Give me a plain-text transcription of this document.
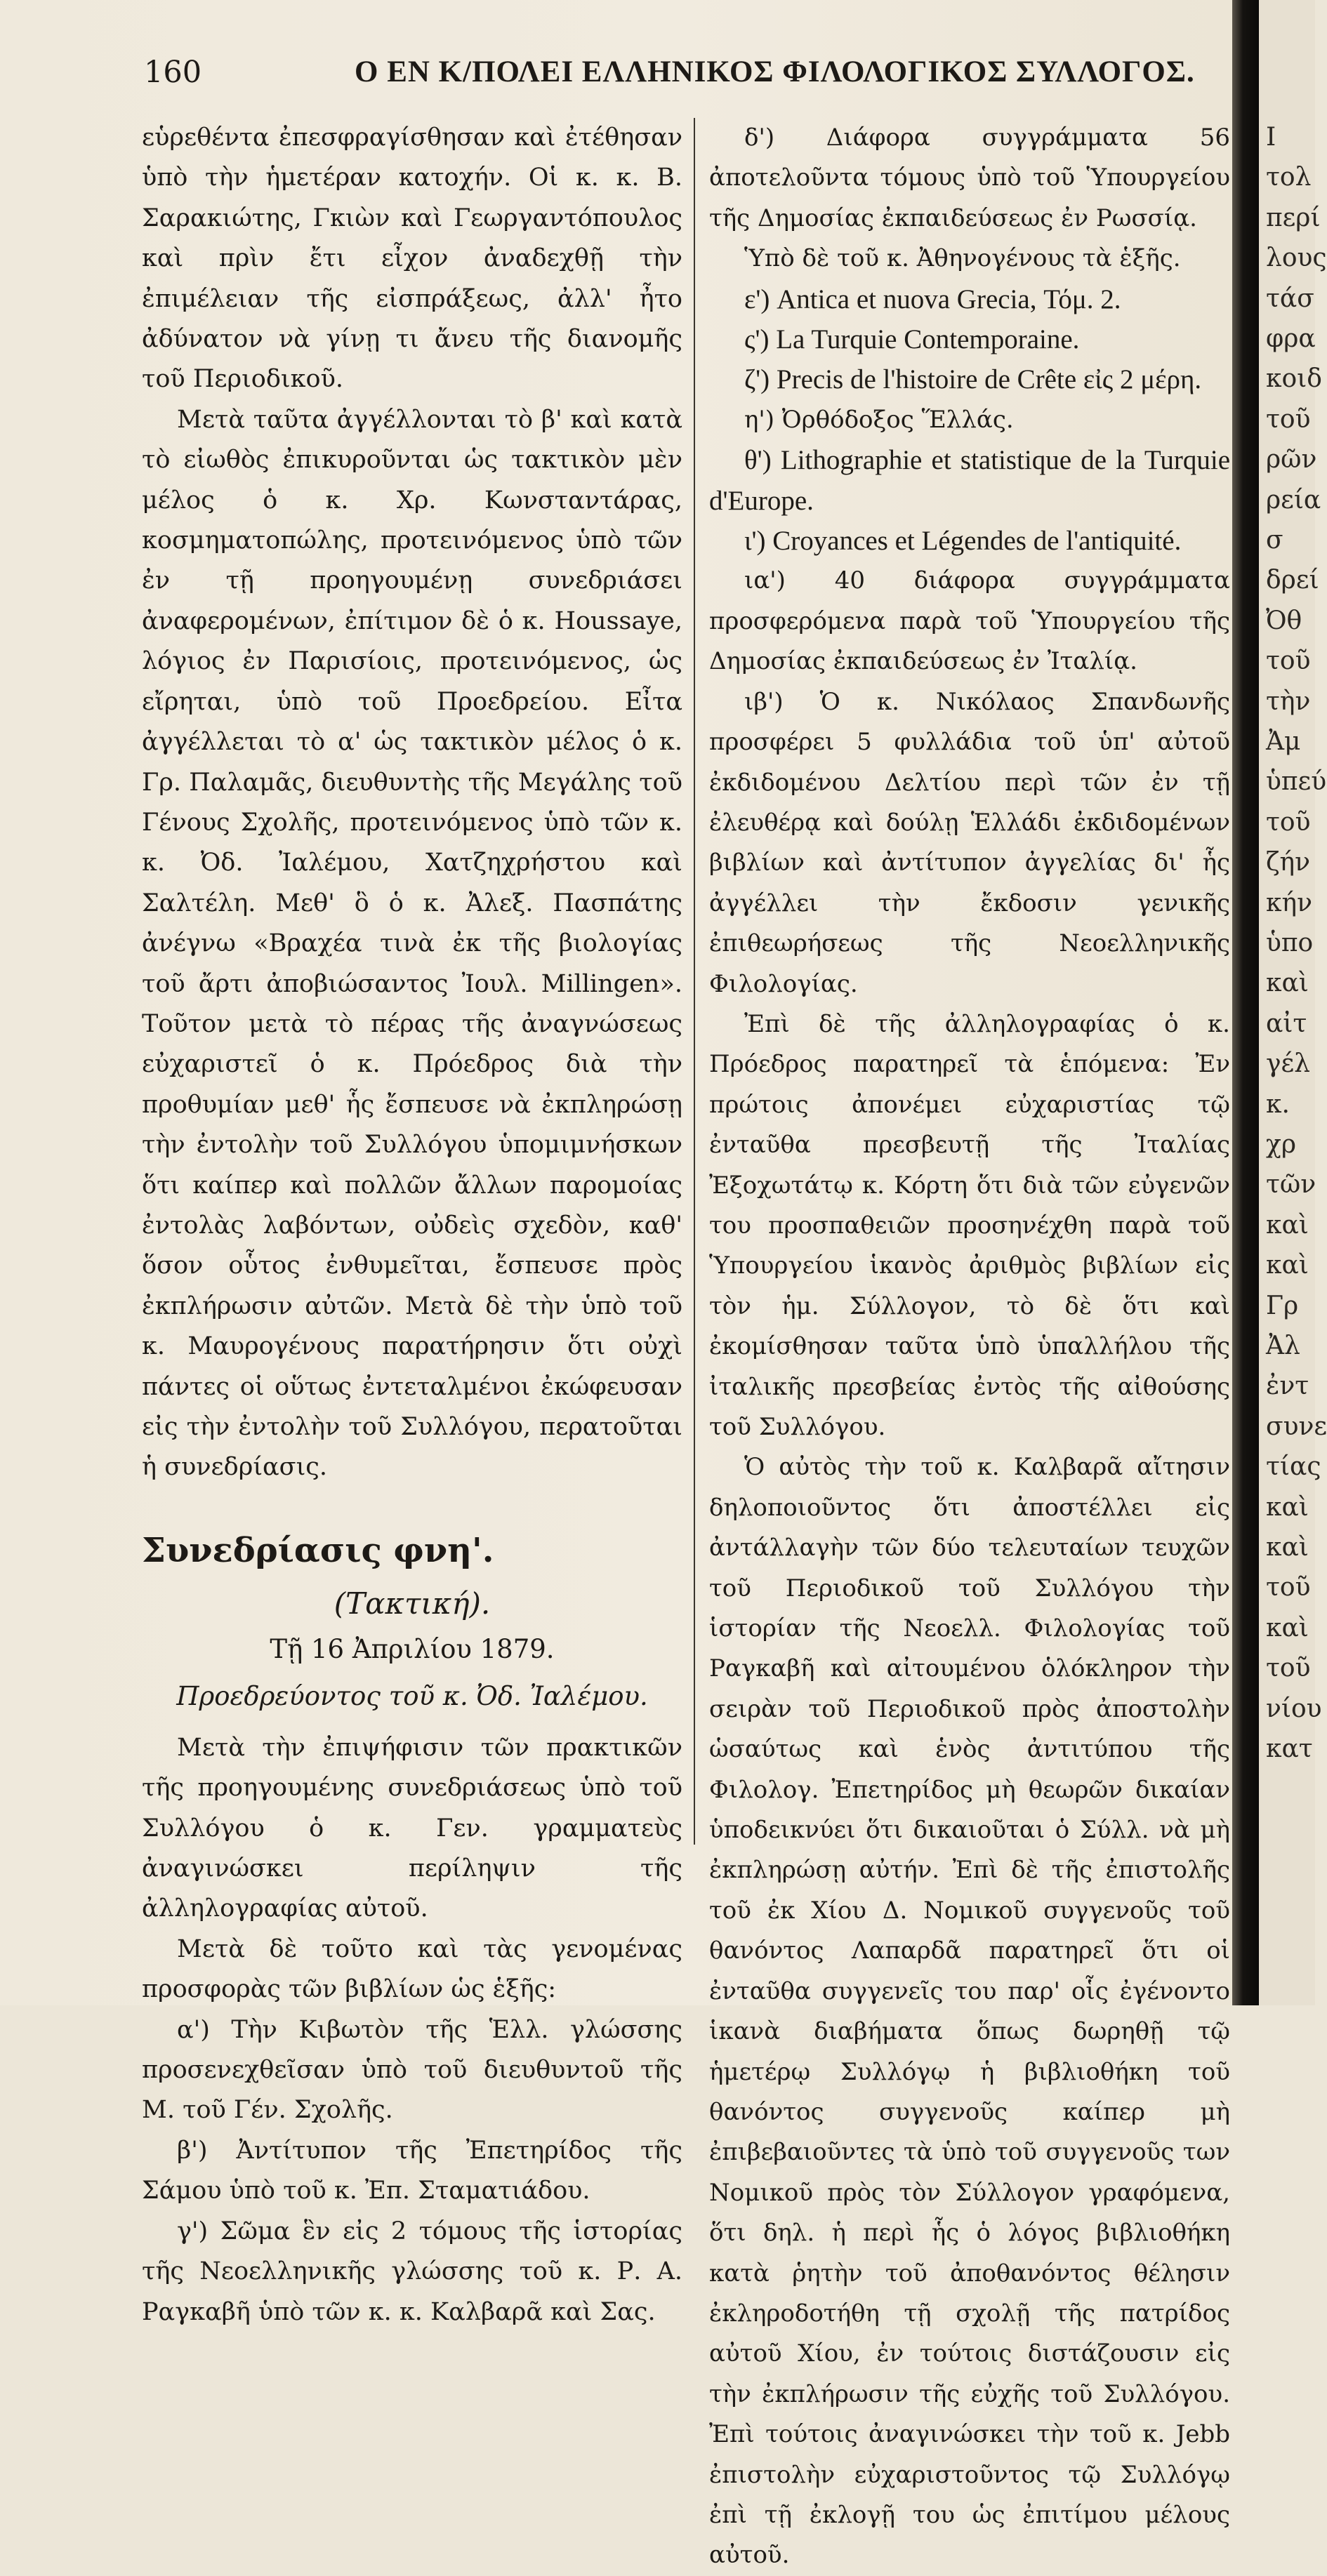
160	Ο ΕΝ Κ/ΠΟΛΕΙ ΕΛΛΗΝΙΚΟΣ ΦΙΛΟΛΟΓΙΚΟΣ ΣΥΛΛΟΓΟΣ.

εὑρεθέντα ἐπεσφραγίσθησαν καὶ ἐτέθησαν ὑπὸ τὴν ἡμετέραν κατοχήν. Οἱ κ. κ. Β. Σαρακιώτης, Γκιὼν καὶ Γεωργαντόπουλος καὶ πρὶν ἔτι εἶχον ἀναδεχθῇ τὴν ἐπιμέλειαν τῆς εἰσπράξεως, ἀλλ' ἦτο ἀδύνατον νὰ γίνῃ τι ἄνευ τῆς διανομῆς τοῦ Περιοδικοῦ.

Μετὰ ταῦτα ἀγγέλλονται τὸ β' καὶ κατὰ τὸ εἰωθὸς ἐπικυροῦνται ὡς τακτικὸν μὲν μέλος ὁ κ. Χρ. Κωνσταντάρας, κοσμηματοπώλης, προτεινόμενος ὑπὸ τῶν ἐν τῇ προηγουμένῃ συνεδριάσει ἀναφερομένων, ἐπίτιμον δὲ ὁ κ. Houssaye, λόγιος ἐν Παρισίοις, προτεινόμενος, ὡς εἴρηται, ὑπὸ τοῦ Προεδρείου. Εἶτα ἀγγέλλεται τὸ α' ὡς τακτικὸν μέλος ὁ κ. Γρ. Παλαμᾶς, διευθυντὴς τῆς Μεγάλης τοῦ Γένους Σχολῆς, προτεινόμενος ὑπὸ τῶν κ. κ. Ὀδ. Ἰαλέμου, Χατζηχρήστου καὶ Σαλτέλη. Μεθ' ὃ ὁ κ. Ἀλεξ. Πασπάτης ἀνέγνω «Βραχέα τινὰ ἐκ τῆς βιολογίας τοῦ ἄρτι ἀποβιώσαντος Ἰουλ. Millingen». Τοῦτον μετὰ τὸ πέρας τῆς ἀναγνώσεως εὐχαριστεῖ ὁ κ. Πρόεδρος διὰ τὴν προθυμίαν μεθ' ἧς ἔσπευσε νὰ ἐκπληρώσῃ τὴν ἐντολὴν τοῦ Συλλόγου ὑπομιμνήσκων ὅτι καίπερ καὶ πολλῶν ἄλλων παρομοίας ἐντολὰς λαβόντων, οὐδεὶς σχεδὸν, καθ' ὅσον οὗτος ἐνθυμεῖται, ἔσπευσε πρὸς ἐκπλήρωσιν αὐτῶν. Μετὰ δὲ τὴν ὑπὸ τοῦ κ. Μαυρογένους παρατήρησιν ὅτι οὐχὶ πάντες οἱ οὕτως ἐντεταλμένοι ἐκώφευσαν εἰς τὴν ἐντολὴν τοῦ Συλλόγου, περατοῦται ἡ συνεδρίασις.

Συνεδρίασις φνη'.

(Τακτική).

Τῇ 16 Ἀπριλίου 1879.

Προεδρεύοντος τοῦ κ. Ὀδ. Ἰαλέμου.

Μετὰ τὴν ἐπιψήφισιν τῶν πρακτικῶν τῆς προηγουμένης συνεδριάσεως ὑπὸ τοῦ Συλλόγου ὁ κ. Γεν. γραμματεὺς ἀναγινώσκει περίληψιν τῆς ἀλληλογραφίας αὐτοῦ.

Μετὰ δὲ τοῦτο καὶ τὰς γενομένας προσφορὰς τῶν βιβλίων ὡς ἑξῆς:

α') Τὴν Κιβωτὸν τῆς Ἑλλ. γλώσσης προσενεχθεῖσαν ὑπὸ τοῦ διευθυντοῦ τῆς Μ. τοῦ Γέν. Σχολῆς.

β') Ἀντίτυπον τῆς Ἐπετηρίδος τῆς Σάμου ὑπὸ τοῦ κ. Ἐπ. Σταματιάδου.

γ') Σῶμα ἓν εἰς 2 τόμους τῆς ἱστορίας τῆς Νεοελληνικῆς γλώσσης τοῦ κ. Ρ. Α. Ραγκαβῆ ὑπὸ τῶν κ. κ. Καλβαρᾶ καὶ Σας.

δ') Διάφορα συγγράμματα 56 ἀποτελοῦντα τόμους ὑπὸ τοῦ Ὑπουργείου τῆς Δημοσίας ἐκπαιδεύσεως ἐν Ρωσσίᾳ.

Ὑπὸ δὲ τοῦ κ. Ἀθηνογένους τὰ ἑξῆς.

ε') Antica et nuova Grecia, Τόμ. 2.

ς') La Turquie Contemporaine.

ζ') Precis de l'histoire de Crête εἰς 2 μέρη.

η') Ὀρθόδοξος Ἕλλάς.

θ') Lithographie et statistique de la Turquie d'Europe.

ι') Croyances et Légendes de l'antiquité.

ια') 40 διάφορα συγγράμματα προσφερόμενα παρὰ τοῦ Ὑπουργείου τῆς Δημοσίας ἐκπαιδεύσεως ἐν Ἰταλίᾳ.

ιβ') Ὁ κ. Νικόλαος Σπανδωνῆς προσφέρει 5 φυλλάδια τοῦ ὑπ' αὐτοῦ ἐκδιδομένου Δελτίου περὶ τῶν ἐν τῇ ἐλευθέρᾳ καὶ δούλῃ Ἑλλάδι ἐκδιδομένων βιβλίων καὶ ἀντίτυπον ἀγγελίας δι' ἧς ἀγγέλλει τὴν ἔκδοσιν γενικῆς ἐπιθεωρήσεως τῆς Νεοελληνικῆς Φιλολογίας.

Ἐπὶ δὲ τῆς ἀλληλογραφίας ὁ κ. Πρόεδρος παρατηρεῖ τὰ ἑπόμενα: Ἐν πρώτοις ἀπονέμει εὐχαριστίας τῷ ἐνταῦθα πρεσβευτῇ τῆς Ἰταλίας Ἐξοχωτάτῳ κ. Κόρτη ὅτι διὰ τῶν εὐγενῶν του προσπαθειῶν προσηνέχθη παρὰ τοῦ Ὑπουργείου ἱκανὸς ἀριθμὸς βιβλίων εἰς τὸν ἡμ. Σύλλογον, τὸ δὲ ὅτι καὶ ἐκομίσθησαν ταῦτα ὑπὸ ὑπαλλήλου τῆς ἰταλικῆς πρεσβείας ἐντὸς τῆς αἰθούσης τοῦ Συλλόγου.

Ὁ αὐτὸς τὴν τοῦ κ. Καλβαρᾶ αἴτησιν δηλοποιοῦντος ὅτι ἀποστέλλει εἰς ἀντάλλαγὴν τῶν δύο τελευταίων τευχῶν τοῦ Περιοδικοῦ τοῦ Συλλόγου τὴν ἱστορίαν τῆς Νεοελλ. Φιλολογίας τοῦ Ραγκαβῆ καὶ αἰτουμένου ὁλόκληρον τὴν σειρὰν τοῦ Περιοδικοῦ πρὸς ἀποστολὴν ὡσαύτως καὶ ἑνὸς ἀντιτύπου τῆς Φιλολογ. Ἐπετηρίδος μὴ θεωρῶν δικαίαν ὑποδεικνύει ὅτι δικαιοῦται ὁ Σύλλ. νὰ μὴ ἐκπληρώσῃ αὐτήν. Ἐπὶ δὲ τῆς ἐπιστολῆς τοῦ ἐκ Χίου Δ. Νομικοῦ συγγενοῦς τοῦ θανόντος Λαπαρδᾶ παρατηρεῖ ὅτι οἱ ἐνταῦθα συγγενεῖς του παρ' οἷς ἐγένοντο ἱκανὰ διαβήματα ὅπως δωρηθῇ τῷ ἡμετέρῳ Συλλόγῳ ἡ βιβλιοθήκη τοῦ θανόντος συγγενοῦς καίπερ μὴ ἐπιβεβαιοῦντες τὰ ὑπὸ τοῦ συγγενοῦς των Νομικοῦ πρὸς τὸν Σύλλογον γραφόμενα, ὅτι δηλ. ἡ περὶ ἧς ὁ λόγος βιβλιοθήκη κατὰ ῥητὴν τοῦ ἀποθανόντος θέλησιν ἐκληροδοτήθη τῇ σχολῇ τῆς πατρίδος αὐτοῦ Χίου, ἐν τούτοις διστάζουσιν εἰς τὴν ἐκπλήρωσιν τῆς εὐχῆς τοῦ Συλλόγου. Ἐπὶ τούτοις ἀναγινώσκει τὴν τοῦ κ. Jebb ἐπιστολὴν εὐχαριστοῦντος τῷ Συλλόγῳ ἐπὶ τῇ ἐκλογῇ του ὡς ἐπιτίμου μέλους αὐτοῦ.

Ι
τολ
περί
λους
τάσ
φρα
κοιδ
τοῦ
ρῶν
ρεία
σ
δρεί
Ὀθ
τοῦ
τὴν
Ἀμ
ὑπεύ
τοῦ
ζήν
κήν
ὑπο
καὶ
αἰτ
γέλ
κ.
χρ
τῶν
καὶ
καὶ
Γρ
Ἀλ
ἐντ
συνε
τίας
καὶ
καὶ
τοῦ
καὶ
τοῦ
νίου
κατ
